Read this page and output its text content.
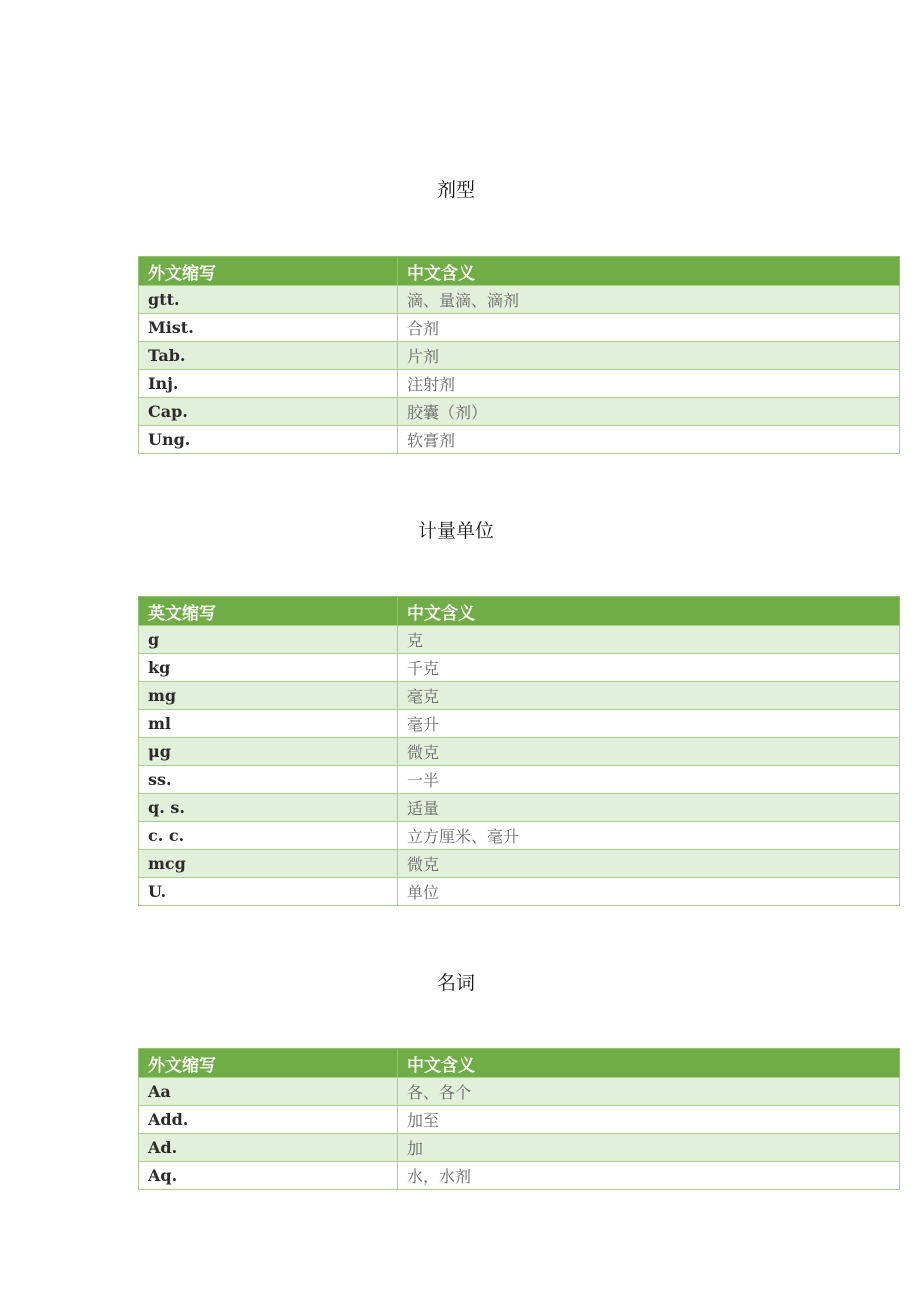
剂型
外文缩写	中文含义
gtt.	滴、量滴、滴剂
Mist.	合剂
Tab.	片剂
Inj.	注射剂
Cap.	胶囊（剂）
Ung.	软膏剂
计量单位
英文缩写	中文含义
g	克
kg	千克
mg	毫克
ml	毫升
μg	微克
ss.	一半
q. s.	适量
c. c.	立方厘米、毫升
mcg	微克
U.	单位
名词
外文缩写	中文含义
Aa	各、各个
Add.	加至
Ad.	加
Aq.	水，水剂
